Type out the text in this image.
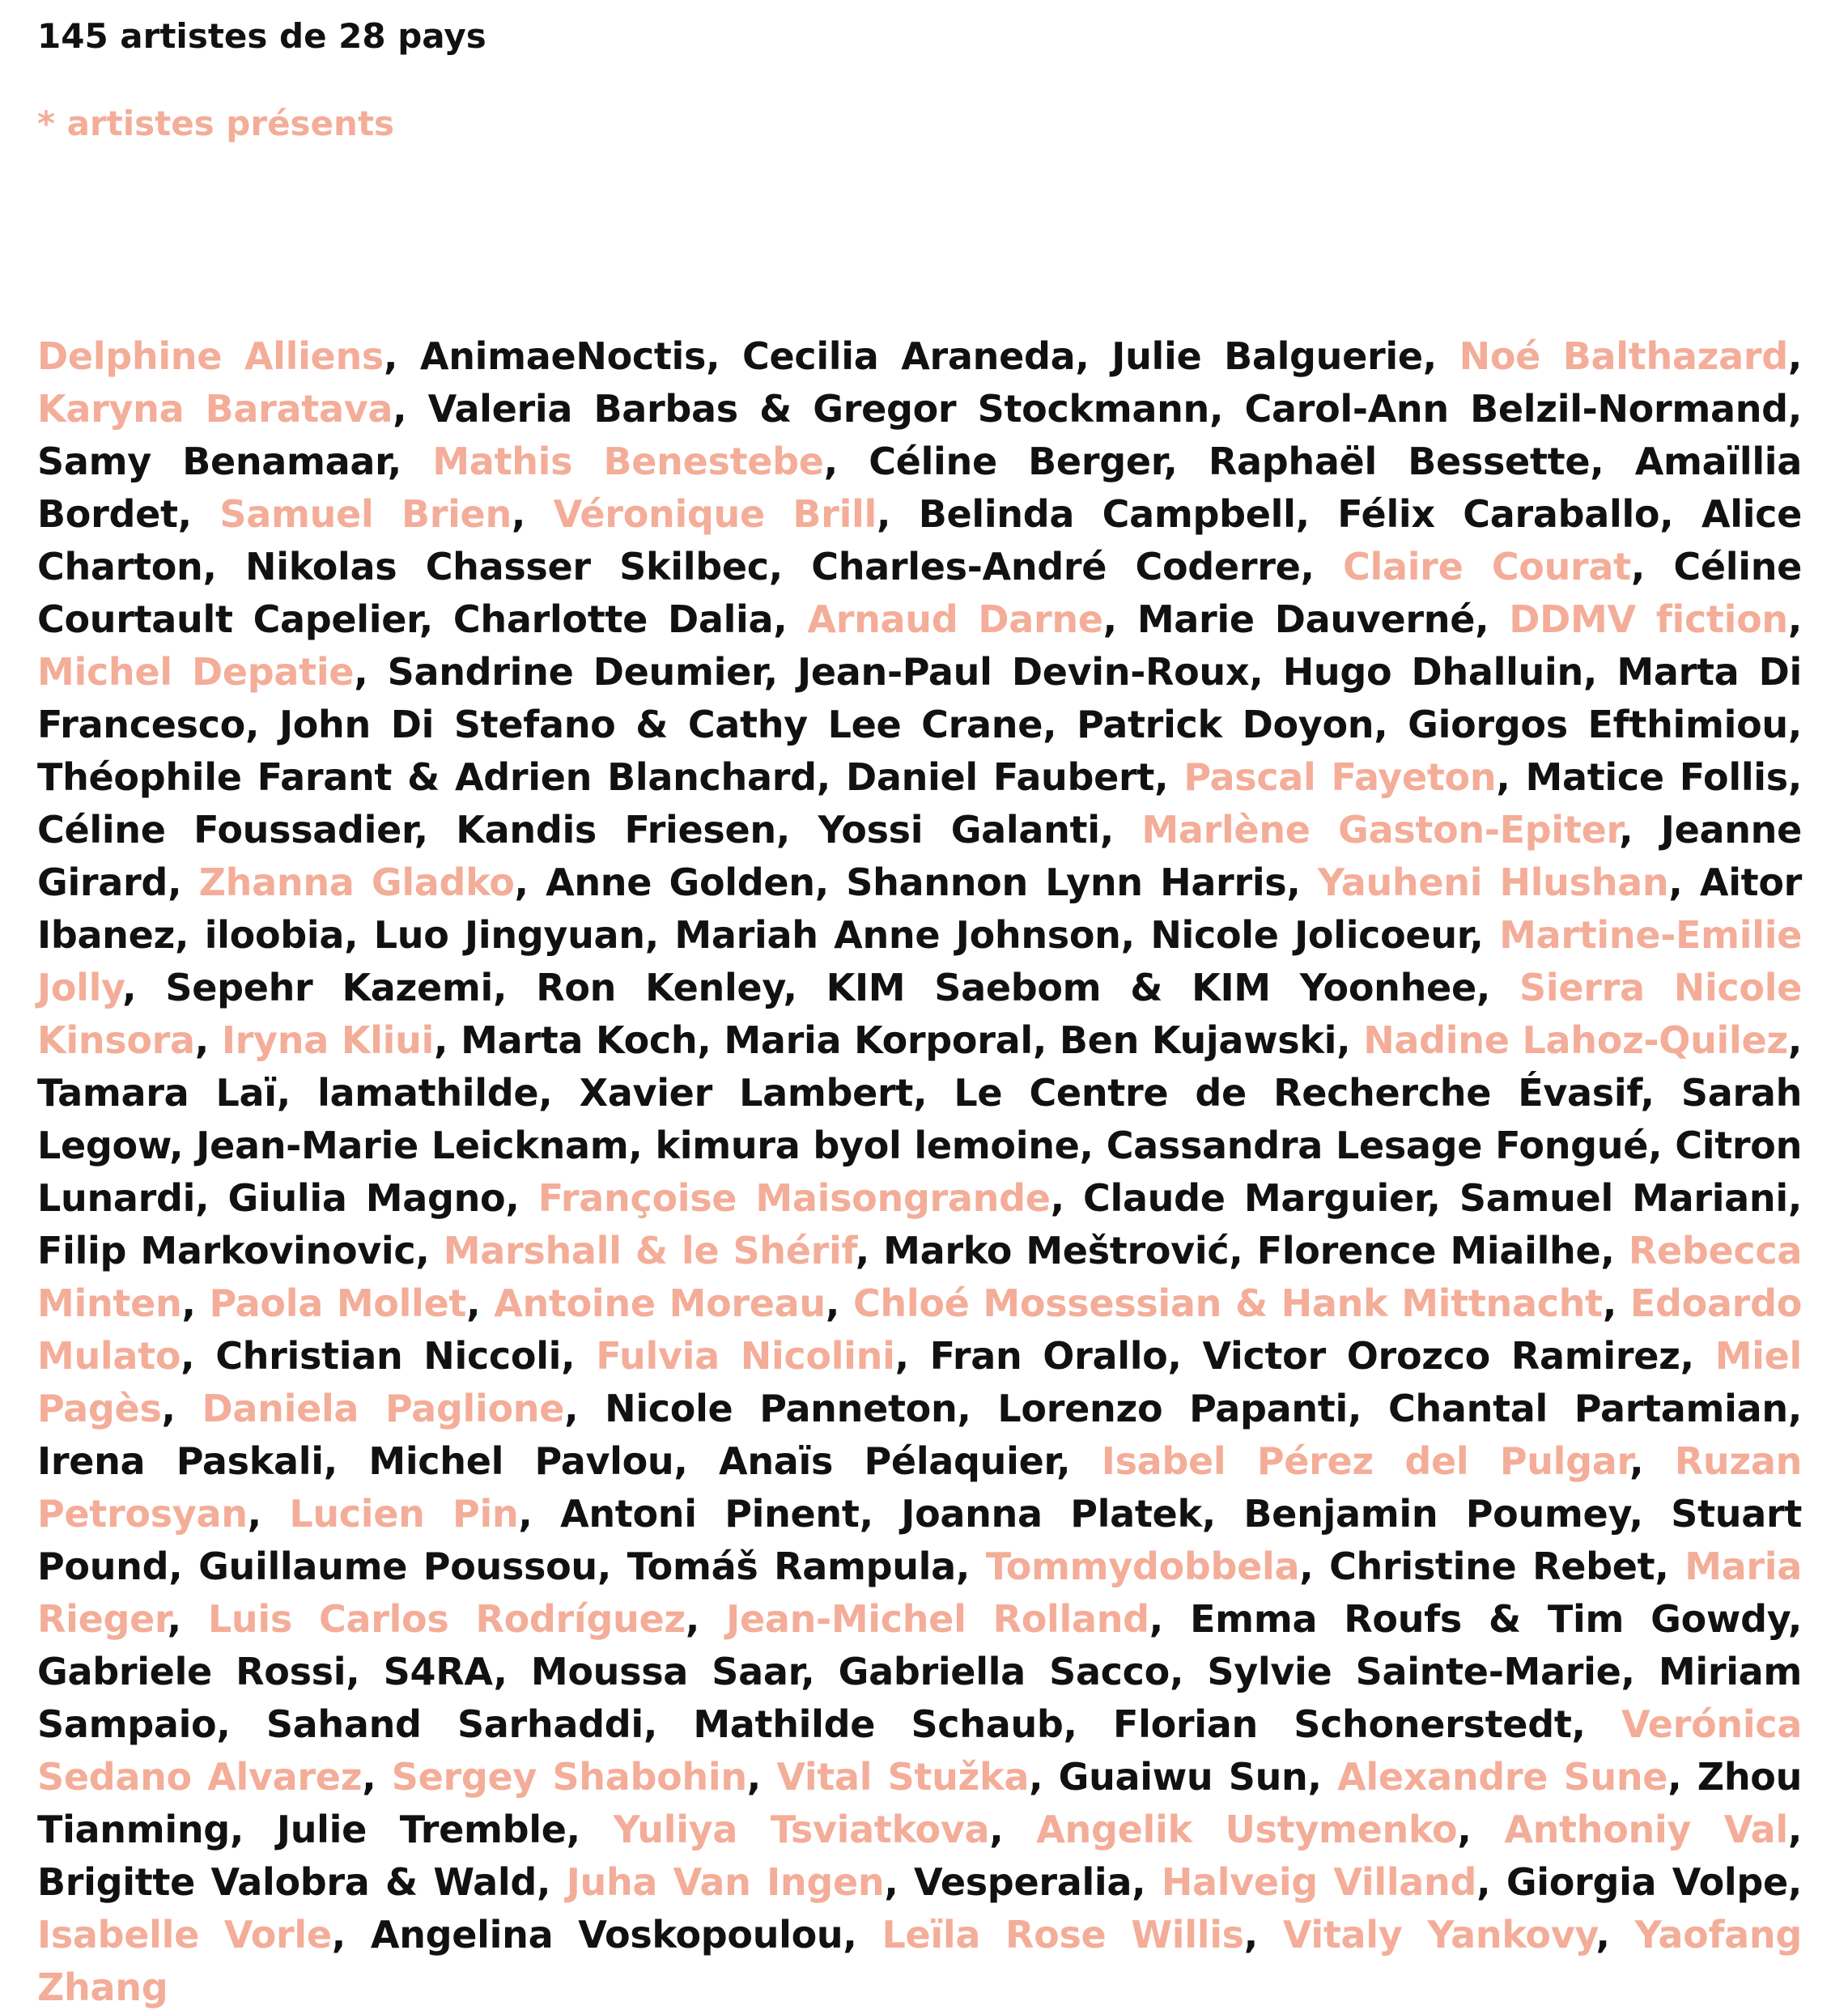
145 artistes de 28 pays

* artistes présents

Delphine Alliens, AnimaeNoctis, Cecilia Araneda, Julie Balguerie, Noé Balthazard, Karyna Baratava, Valeria Barbas & Gregor Stockmann, Carol-Ann Belzil-Normand, Samy Benamaar, Mathis Benestebe, Céline Berger, Raphaël Bessette, Amaïllia Bordet, Samuel Brien, Véronique Brill, Belinda Campbell, Félix Caraballo, Alice Charton, Nikolas Chasser Skilbec, Charles-André Coderre, Claire Courat, Céline Courtault Capelier, Charlotte Dalia, Arnaud Darne, Marie Dauverné, DDMV fiction, Michel Depatie, Sandrine Deumier, Jean-Paul Devin-Roux, Hugo Dhalluin, Marta Di Francesco, John Di Stefano & Cathy Lee Crane, Patrick Doyon, Giorgos Efthimiou, Théophile Farant & Adrien Blanchard, Daniel Faubert, Pascal Fayeton, Matice Follis, Céline Foussadier, Kandis Friesen, Yossi Galanti, Marlène Gaston-Epiter, Jeanne Girard, Zhanna Gladko, Anne Golden, Shannon Lynn Harris, Yauheni Hlushan, Aitor Ibanez, iloobia, Luo Jingyuan, Mariah Anne Johnson, Nicole Jolicoeur, Martine-Emilie Jolly, Sepehr Kazemi, Ron Kenley, KIM Saebom & KIM Yoonhee, Sierra Nicole Kinsora, Iryna Kliui, Marta Koch, Maria Korporal, Ben Kujawski, Nadine Lahoz-Quilez, Tamara Laï, lamathilde, Xavier Lambert, Le Centre de Recherche Évasif, Sarah Legow, Jean-Marie Leicknam, kimura byol lemoine, Cassandra Lesage Fongué, Citron Lunardi, Giulia Magno, Françoise Maisongrande, Claude Marguier, Samuel Mariani, Filip Markovinovic, Marshall & le Shérif, Marko Meštrović, Florence Miailhe, Rebecca Minten, Paola Mollet, Antoine Moreau, Chloé Mossessian & Hank Mittnacht, Edoardo Mulato, Christian Niccoli, Fulvia Nicolini, Fran Orallo, Victor Orozco Ramirez, Miel Pagès, Daniela Paglione, Nicole Panneton, Lorenzo Papanti, Chantal Partamian, Irena Paskali, Michel Pavlou, Anaïs Pélaquier, Isabel Pérez del Pulgar, Ruzan Petrosyan, Lucien Pin, Antoni Pinent, Joanna Platek, Benjamin Poumey, Stuart Pound, Guillaume Poussou, Tomáš Rampula, Tommydobbela, Christine Rebet, Maria Rieger, Luis Carlos Rodríguez, Jean-Michel Rolland, Emma Roufs & Tim Gowdy, Gabriele Rossi, S4RA, Moussa Saar, Gabriella Sacco, Sylvie Sainte-Marie, Miriam Sampaio, Sahand Sarhaddi, Mathilde Schaub, Florian Schonerstedt, Verónica Sedano Alvarez, Sergey Shabohin, Vital Stužka, Guaiwu Sun, Alexandre Sune, Zhou Tianming, Julie Tremble, Yuliya Tsviatkova, Angelik Ustymenko, Anthoniy Val, Brigitte Valobra & Wald, Juha Van Ingen, Vesperalia, Halveig Villand, Giorgia Volpe, Isabelle Vorle, Angelina Voskopoulou, Leïla Rose Willis, Vitaly Yankovy, Yaofang Zhang
